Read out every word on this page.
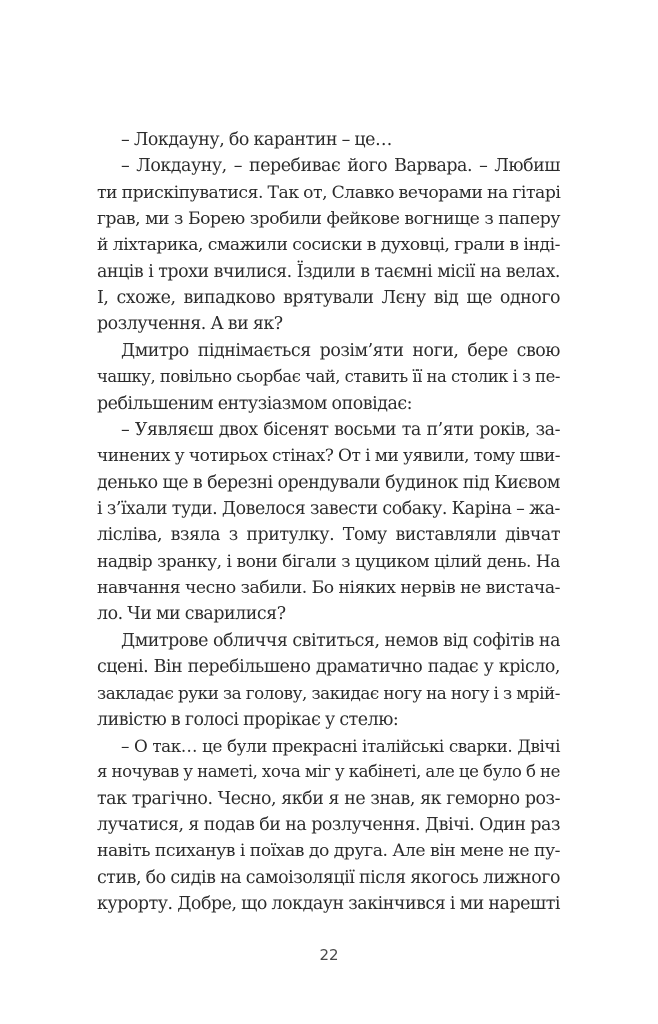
– Локдауну, бо карантин – це…
– Локдауну, – перебиває його Варвара. – Любиш
ти прискіпуватися. Так от, Славко вечорами на гітарі
грав, ми з Борею зробили фейкове вогнище з паперу
й ліхтарика, смажили сосиски в духовці, грали в інді-
анців і трохи вчилися. Їздили в таємні місії на велах.
І, схоже, випадково врятували Лєну від ще одного
розлучення. А ви як?
Дмитро піднімається розім’яти ноги, бере свою
чашку, повільно сьорбає чай, ставить її на столик і з пе-
ребільшеним ентузіазмом оповідає:
– Уявляєш двох бісенят восьми та п’яти років, за-
чинених у чотирьох стінах? От і ми уявили, тому шви-
денько ще в березні орендували будинок під Києвом
і з’їхали туди. Довелося завести собаку. Каріна – жа-
лісліва, взяла з притулку. Тому виставляли дівчат
надвір зранку, і вони бігали з цуциком цілий день. На
навчання чесно забили. Бо ніяких нервів не вистача-
ло. Чи ми сварилися?
Дмитрове обличчя світиться, немов від софітів на
сцені. Він перебільшено драматично падає у крісло,
закладає руки за голову, закидає ногу на ногу і з мрій-
ливістю в голосі прорікає у стелю:
– О так… це були прекрасні італійські сварки. Двічі
я ночував у наметі, хоча міг у кабінеті, але це було б не
так трагічно. Чесно, якби я не знав, як геморно роз-
лучатися, я подав би на розлучення. Двічі. Один раз
навіть психанув і поїхав до друга. Але він мене не пу-
стив, бо сидів на самоізоляції після якогось лижного
курорту. Добре, що локдаун закінчився і ми нарешті
22
